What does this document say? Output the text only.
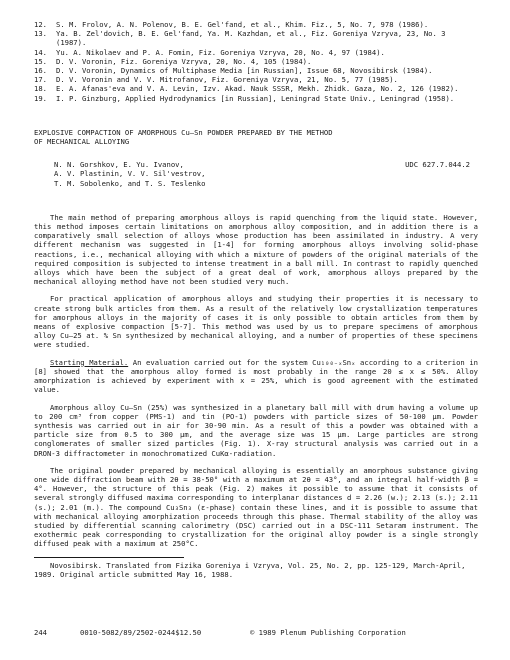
12.	S. M. Frolov, A. N. Polenov, B. E. Gel'fand, et al., Khim. Fiz., 5, No. 7, 978 (1986).
13.	Ya. B. Zel'dovich, B. E. Gel'fand, Ya. M. Kazhdan, et al., Fiz. Goreniya Vzryva, 23, No. 3 (1987).
14.	Yu. A. Nikolaev and P. A. Fomin, Fiz. Goreniya Vzryva, 20, No. 4, 97 (1984).
15.	D. V. Voronin, Fiz. Goreniya Vzryva, 20, No. 4, 105 (1984).
16.	D. V. Voronin, Dynamics of Multiphase Media [in Russian], Issue 68, Novosibirsk (1984).
17.	D. V. Voronin and V. V. Mitrofanov, Fiz. Goreniya Vzryva, 21, No. 5, 77 (1985).
18.	E. A. Afanas'eva and V. A. Levin, Izv. Akad. Nauk SSSR, Mekh. Zhidk. Gaza, No. 2, 126 (1982).
19.	I. P. Ginzburg, Applied Hydrodynamics [in Russian], Leningrad State Univ., Leningrad (1958).
EXPLOSIVE COMPACTION OF AMORPHOUS Cu–Sn POWDER PREPARED BY THE METHOD
OF MECHANICAL ALLOYING
N. N. Gorshkov, E. Yu. Ivanov,
A. V. Plastinin, V. V. Sil'vestrov,
T. M. Sobolenko, and T. S. Teslenko
UDC 627.7.044.2

The main method of preparing amorphous alloys is rapid quenching from the liquid state. However, this method imposes certain limitations on amorphous alloy composition, and in addition there is a comparatively small selection of alloys whose production has been assimilated in industry. A very different mechanism was suggested in [1-4] for forming amorphous alloys involving solid-phase reactions, i.e., mechanical alloying with which a mixture of powders of the original materials of the required composition is subjected to intense treatment in a ball mill. In contrast to rapidly quenched alloys which have been the subject of a great deal of work, amorphous alloys prepared by the mechanical alloying method have not been studied very much.

For practical application of amorphous alloys and studying their properties it is necessary to create strong bulk articles from them. As a result of the relatively low crystallization temperatures for amorphous alloys in the majority of cases it is only possible to obtain articles from them by means of explosive compaction [5-7]. This method was used by us to prepare specimens of amorphous alloy Cu–25 at. % Sn synthesized by mechanical alloying, and a number of properties of these specimens were studied.

Starting Material. An evaluation carried out for the system Cu₁₀₀₋ₓSnₓ according to a criterion in [8] showed that the amorphous alloy formed is most probably in the range 20 ≤ x ≤ 50%. Alloy amorphization is achieved by experiment with x = 25%, which is good agreement with the estimated value.

Amorphous alloy Cu–Sn (25%) was synthesized in a planetary ball mill with drum having a volume up to 200 cm³ from copper (PMS-1) and tin (PO-1) powders with particle sizes of 50-100 μm. Powder synthesis was carried out in air for 30-90 min. As a result of this a powder was obtained with a particle size from 0.5 to 300 μm, and the average size was 15 μm. Large particles are strong conglomerates of smaller sized particles (Fig. 1). X-ray structural analysis was carried out in a DRON-3 diffractometer in monochromatized CuKα-radiation.

The original powder prepared by mechanical alloying is essentially an amorphous substance giving one wide diffraction beam with 2θ = 38-50° with a maximum at 2θ = 43°, and an integral half-width β = 4°. However, the structure of this peak (Fig. 2) makes it possible to assume that it consists of several strongly diffused maxima corresponding to interplanar distances d = 2.26 (w.); 2.13 (s.); 2.11 (s.); 2.01 (m.). The compound Cu₃Sn₃ (ε-phase) contain these lines, and it is possible to assume that with mechanical alloying amorphization proceeds through this phase. Thermal stability of the alloy was studied by differential scanning calorimetry (DSC) carried out in a DSC-111 Setaram instrument. The exothermic peak corresponding to crystallization for the original alloy powder is a single strongly diffused peak with a maximum at 250°C.

Novosibirsk. Translated from Fizika Goreniya i Vzryva, Vol. 25, No. 2, pp. 125-129, March-April, 1989. Original article submitted May 16, 1988.

244	0010-5082/89/2502-0244$12.50	© 1989 Plenum Publishing Corporation
